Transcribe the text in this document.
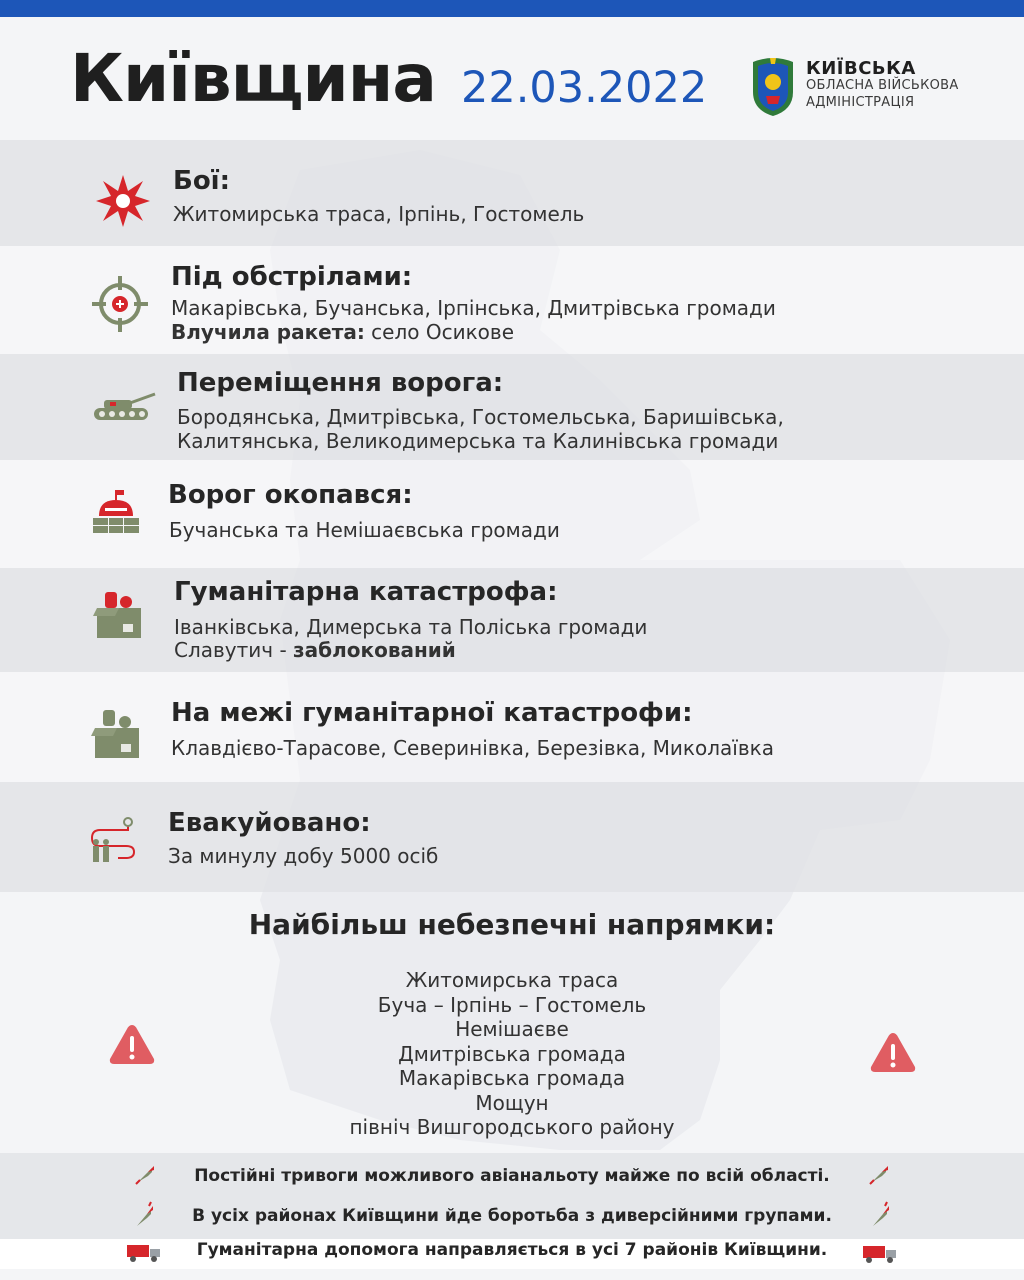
Київщина 22.03.2022	КИЇВСЬКА
ОБЛАСНА ВІЙСЬКОВА
АДМІНІСТРАЦІЯ
Бої:
Житомирська траса, Ірпінь, Гостомель
Під обстрілами:
Макарівська, Бучанська, Ірпінська, Дмитрівська громади
Влучила ракета: село Осикове
Переміщення ворога:
Бородянська, Дмитрівська, Гостомельська, Баришівська,
Калитянська, Великодимерська та Калинівська громади
Ворог окопався:
Бучанська та Немішаєвська громади
Гуманітарна катастрофа:
Іванківська, Димерська та Поліська громади
Славутич - заблокований
На межі гуманітарної катастрофи:
Клавдієво-Тарасове, Северинівка, Березівка, Миколаївка
Евакуйовано:
За минулу добу 5000 осіб
Найбільш небезпечні напрямки:
Житомирська траса
Буча – Ірпінь – Гостомель
Немішаєве
Дмитрівська громада
Макарівська громада
Мощун
північ Вишгородського району
Постійні тривоги можливого авіанальоту майже по всій області.
В усіх районах Київщини йде боротьба з диверсійними групами.
Гуманітарна допомога направляється в усі 7 районів Київщини.
